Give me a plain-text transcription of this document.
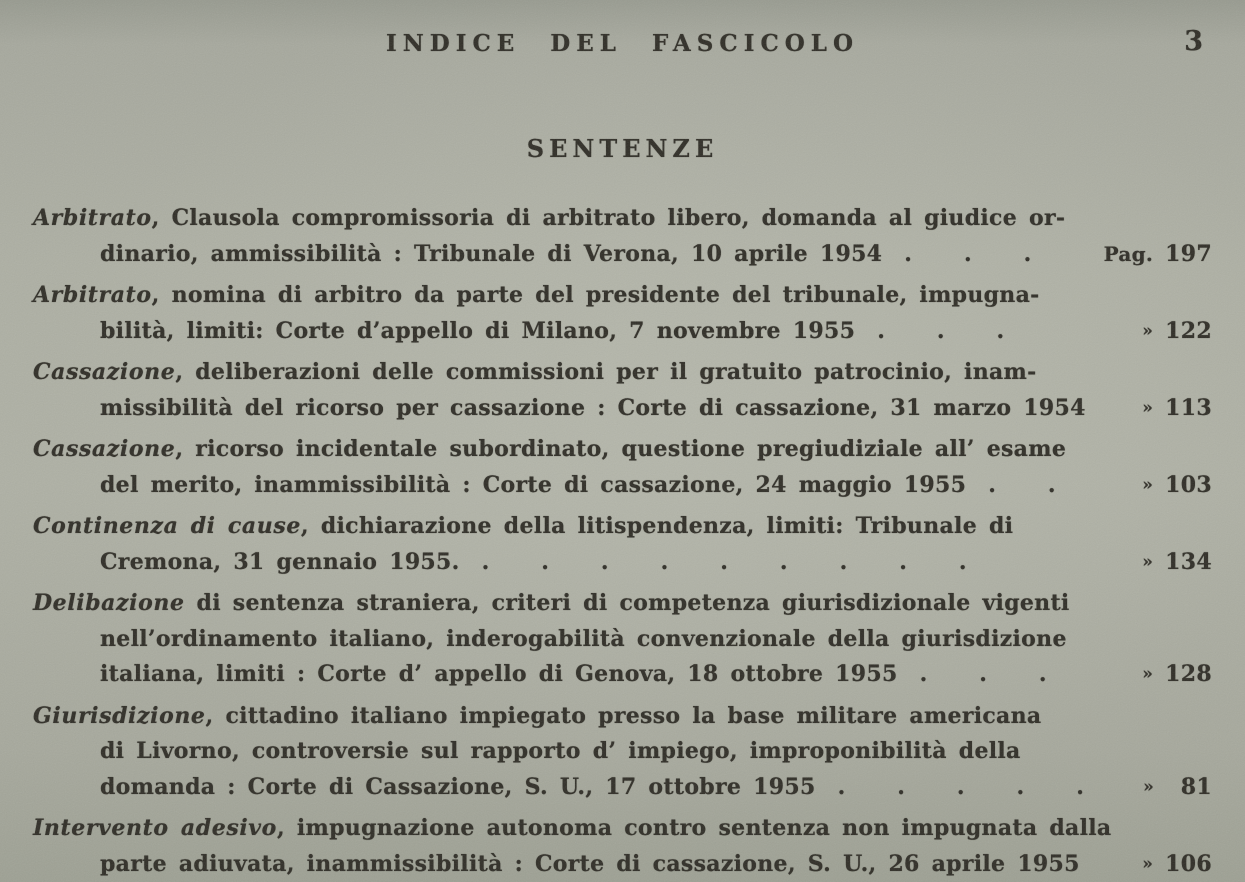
INDICE DEL FASCICOLO	3
SENTENZE
Arbitrato, Clausola compromissoria di arbitrato libero, domanda al giudice or-
dinario, ammissibilità : Tribunale di Verona, 10 aprile 1954 ... Pag. 197
Arbitrato, nomina di arbitro da parte del presidente del tribunale, impugna-
bilità, limiti: Corte d’appello di Milano, 7 novembre 1955 ...	» 122
Cassazione, deliberazioni delle commissioni per il gratuito patrocinio, inam-
missibilità del ricorso per cassazione : Corte di cassazione, 31 marzo 1954	» 113
Cassazione, ricorso incidentale subordinato, questione pregiudiziale all’ esame
del merito, inammissibilità : Corte di cassazione, 24 maggio 1955 .. » 103
Continenza di cause, dichiarazione della litispendenza, limiti: Tribunale di
Cremona, 31 gennaio 1955. .........	» 134
Delibazione di sentenza straniera, criteri di competenza giurisdizionale vigenti
nell’ordinamento italiano, inderogabilità convenzionale della giurisdizione
italiana, limiti : Corte d’ appello di Genova, 18 ottobre 1955 ...	» 128
Giurisdizione, cittadino italiano impiegato presso la base militare americana
di Livorno, controversie sul rapporto d’ impiego, improponibilità della
domanda : Corte di Cassazione, S. U., 17 ottobre 1955 ..... »	81
Intervento adesivo, impugnazione autonoma contro sentenza non impugnata dalla
parte adiuvata, inammissibilità : Corte di cassazione, S. U., 26 aprile 1955	» 106
